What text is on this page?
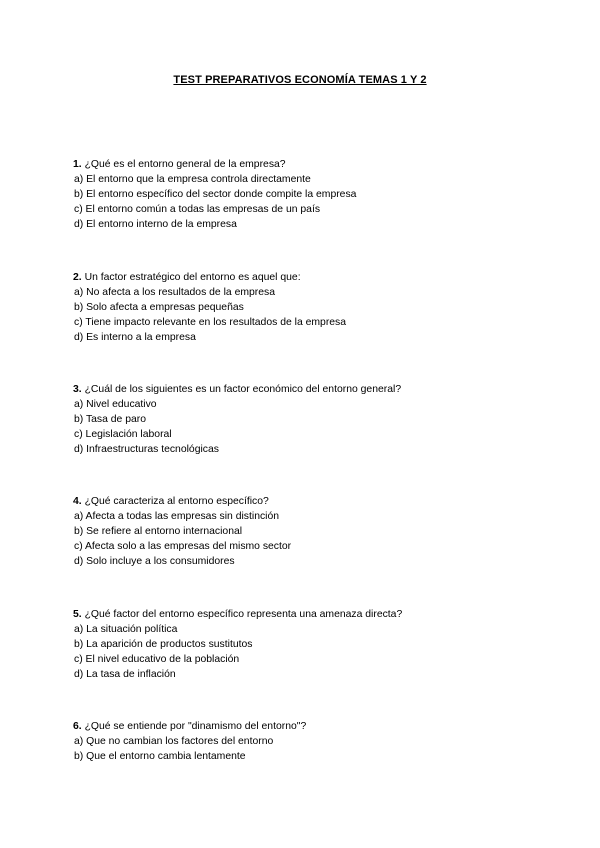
TEST PREPARATIVOS ECONOMÍA TEMAS 1 Y 2
1. ¿Qué es el entorno general de la empresa?
a) El entorno que la empresa controla directamente
b) El entorno específico del sector donde compite la empresa
c) El entorno común a todas las empresas de un país
d) El entorno interno de la empresa
2. Un factor estratégico del entorno es aquel que:
a) No afecta a los resultados de la empresa
b) Solo afecta a empresas pequeñas
c) Tiene impacto relevante en los resultados de la empresa
d) Es interno a la empresa
3. ¿Cuál de los siguientes es un factor económico del entorno general?
a) Nivel educativo
b) Tasa de paro
c) Legislación laboral
d) Infraestructuras tecnológicas
4. ¿Qué caracteriza al entorno específico?
a) Afecta a todas las empresas sin distinción
b) Se refiere al entorno internacional
c) Afecta solo a las empresas del mismo sector
d) Solo incluye a los consumidores
5. ¿Qué factor del entorno específico representa una amenaza directa?
a) La situación política
b) La aparición de productos sustitutos
c) El nivel educativo de la población
d) La tasa de inflación
6. ¿Qué se entiende por "dinamismo del entorno"?
a) Que no cambian los factores del entorno
b) Que el entorno cambia lentamente
